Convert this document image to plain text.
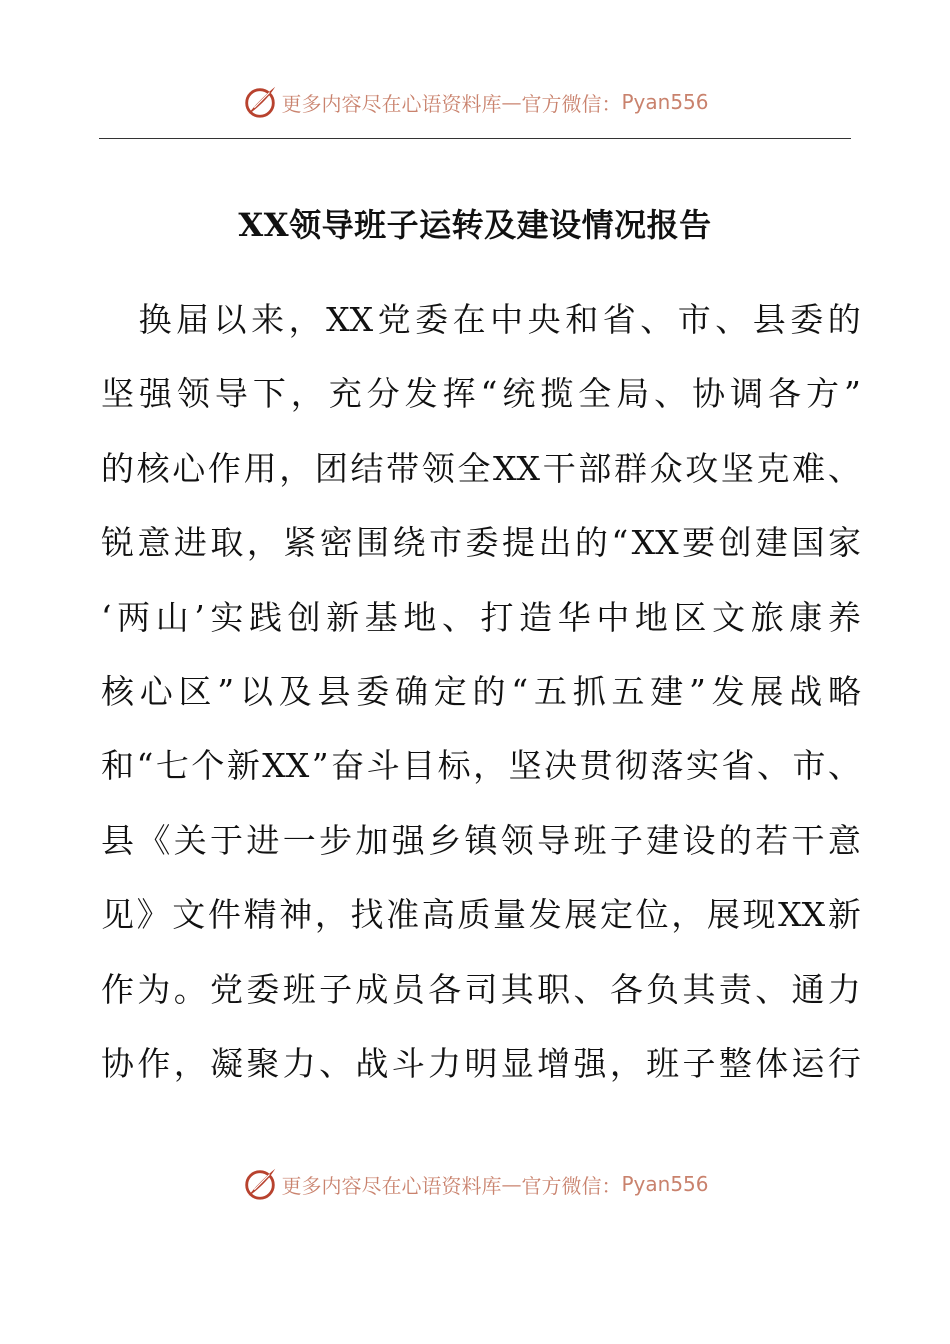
更多内容尽在心语资料库 — 官方微信： Pyan556
XX领导班子运转及建设情况报告

换 届 以 来 ， XX 党 委 在 中 央 和 省 、 市 、 县 委 的
坚 强 领 导 下 ， 充 分 发 挥 “ 统 揽 全 局 、 协 调 各 方 ”
的 核 心 作 用 ， 团 结 带 领 全 XX 干 部 群 众 攻 坚 克 难 、
锐 意 进 取 ， 紧 密 围 绕 市 委 提 出 的 “ XX 要 创 建 国 家
‘ 两 山 ’ 实 践 创 新 基 地 、 打 造 华 中 地 区 文 旅 康 养
核 心 区 ” 以 及 县 委 确 定 的 “ 五 抓 五 建 ” 发 展 战 略
和 “ 七 个 新 XX ” 奋 斗 目 标 ， 坚 决 贯 彻 落 实 省 、 市 、
县 《 关 于 进 一 步 加 强 乡 镇 领 导 班 子 建 设 的 若 干 意
见 》 文 件 精 神 ， 找 准 高 质 量 发 展 定 位 ， 展 现 XX 新
作 为 。 党 委 班 子 成 员 各 司 其 职 、 各 负 其 责 、 通 力
协 作 ， 凝 聚 力 、 战 斗 力 明 显 增 强 ， 班 子 整 体 运 行
更多内容尽在心语资料库 — 官方微信： Pyan556
